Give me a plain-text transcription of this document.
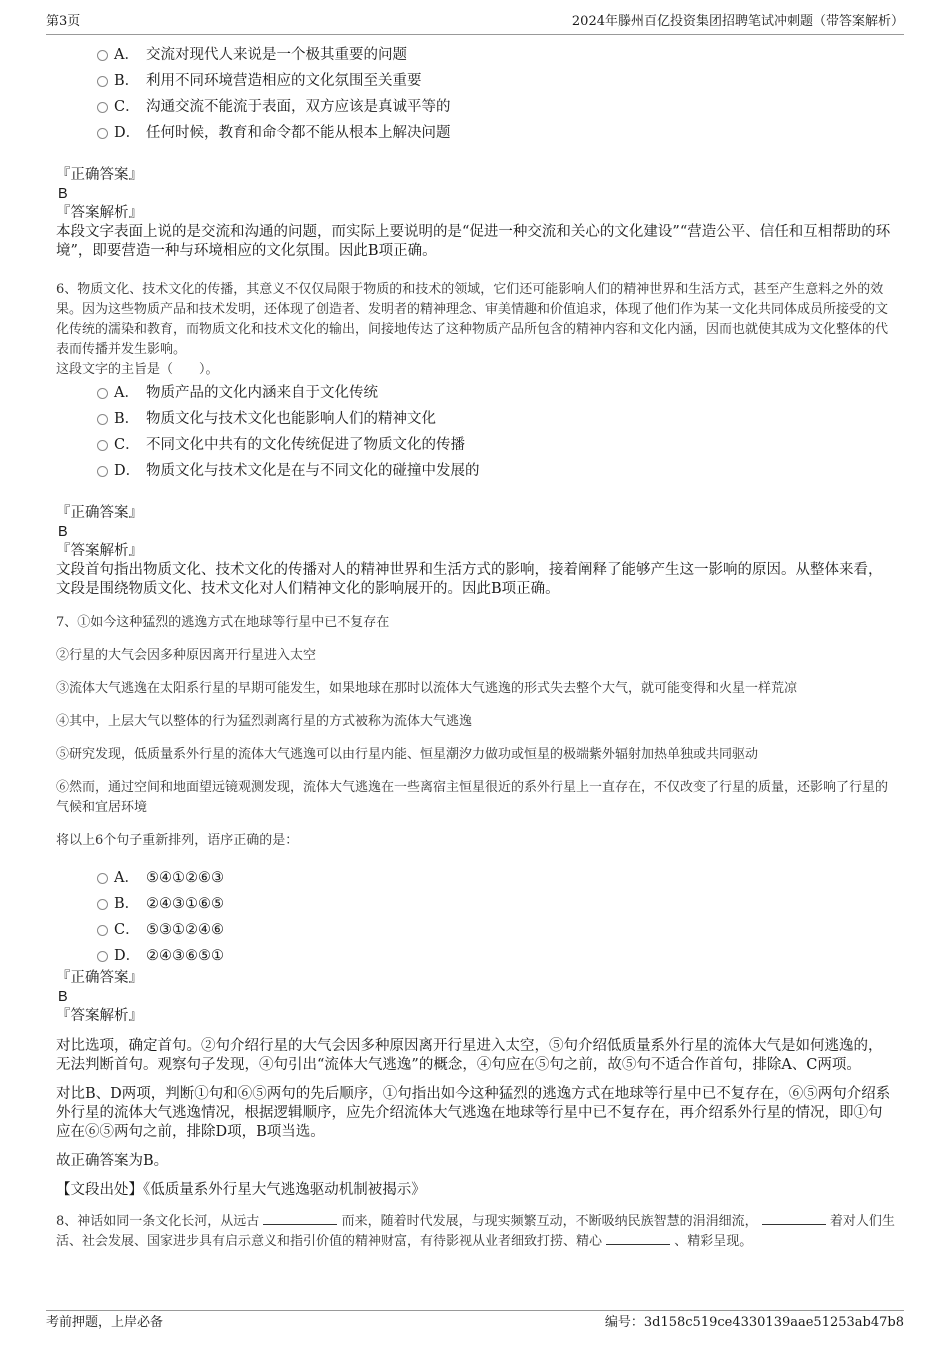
第3页	2024年滕州百亿投资集团招聘笔试冲刺题（带答案解析）
A． 交流对现代人来说是一个极其重要的问题
B． 利用不同环境营造相应的文化氛围至关重要
C． 沟通交流不能流于表面，双方应该是真诚平等的
D． 任何时候，教育和命令都不能从根本上解决问题
『正确答案』
B
『答案解析』
本段文字表面上说的是交流和沟通的问题，而实际上要说明的是“促进一种交流和关心的文化建设”“营造公平、信任和互相帮助的环境”，即要营造一种与环境相应的文化氛围。因此B项正确。
6、物质文化、技术文化的传播，其意义不仅仅局限于物质的和技术的领域，它们还可能影响人们的精神世界和生活方式，甚至产生意料之外的效果。因为这些物质产品和技术发明，还体现了创造者、发明者的精神理念、审美情趣和价值追求，体现了他们作为某一文化共同体成员所接受的文化传统的濡染和教育，而物质文化和技术文化的输出，间接地传达了这种物质产品所包含的精神内容和文化内涵，因而也就使其成为文化整体的代表而传播并发生影响。
这段文字的主旨是（　　）。
A． 物质产品的文化内涵来自于文化传统
B． 物质文化与技术文化也能影响人们的精神文化
C． 不同文化中共有的文化传统促进了物质文化的传播
D． 物质文化与技术文化是在与不同文化的碰撞中发展的
『正确答案』
B
『答案解析』
文段首句指出物质文化、技术文化的传播对人的精神世界和生活方式的影响，接着阐释了能够产生这一影响的原因。从整体来看，文段是围绕物质文化、技术文化对人们精神文化的影响展开的。因此B项正确。
7、①如今这种猛烈的逃逸方式在地球等行星中已不复存在
②行星的大气会因多种原因离开行星进入太空
③流体大气逃逸在太阳系行星的早期可能发生，如果地球在那时以流体大气逃逸的形式失去整个大气，就可能变得和火星一样荒凉
④其中，上层大气以整体的行为猛烈剥离行星的方式被称为流体大气逃逸
⑤研究发现，低质量系外行星的流体大气逃逸可以由行星内能、恒星潮汐力做功或恒星的极端紫外辐射加热单独或共同驱动
⑥然而，通过空间和地面望远镜观测发现，流体大气逃逸在一些离宿主恒星很近的系外行星上一直存在，不仅改变了行星的质量，还影响了行星的气候和宜居环境
将以上6个句子重新排列，语序正确的是：
A． ⑤④①②⑥③
B． ②④③①⑥⑤
C． ⑤③①②④⑥
D． ②④③⑥⑤①
『正确答案』
B
『答案解析』
对比选项，确定首句。②句介绍行星的大气会因多种原因离开行星进入太空，⑤句介绍低质量系外行星的流体大气是如何逃逸的，无法判断首句。观察句子发现，④句引出“流体大气逃逸”的概念，④句应在⑤句之前，故⑤句不适合作首句，排除A、C两项。
对比B、D两项，判断①句和⑥⑤两句的先后顺序，①句指出如今这种猛烈的逃逸方式在地球等行星中已不复存在，⑥⑤两句介绍系外行星的流体大气逃逸情况，根据逻辑顺序，应先介绍流体大气逃逸在地球等行星中已不复存在，再介绍系外行星的情况，即①句应在⑥⑤两句之前，排除D项，B项当选。
故正确答案为B。
【文段出处】《低质量系外行星大气逃逸驱动机制被揭示》
8、神话如同一条文化长河，从远古	而来，随着时代发展，与现实频繁互动，不断吸纳民族智慧的涓涓细流，	着对人们生活、社会发展、国家进步具有启示意义和指引价值的精神财富，有待影视从业者细致打捞、精心	、精彩呈现。
考前押题，上岸必备	编号：3d158c519ce4330139aae51253ab47b8
